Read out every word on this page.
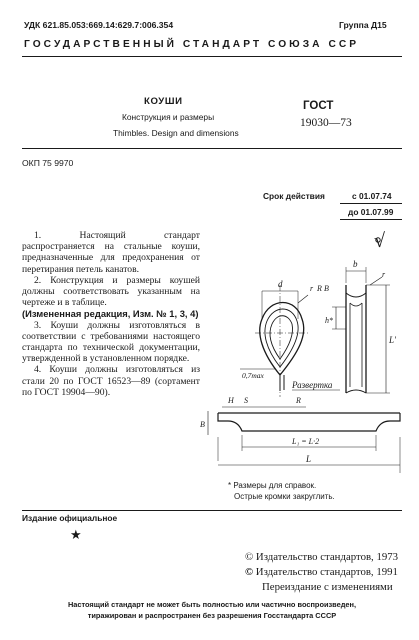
УДК 621.85.053:669.14:629.7:006.354	Группа Д15
ГОСУДАРСТВЕННЫЙ СТАНДАРТ СОЮЗА ССР
КОУШИ
Конструкция и размеры
Thimbles. Design and dimensions
ГОСТ
19030—73
ОКП 75 9970
Срок действия	с 01.07.74
до 01.07.99

1. Настоящий стандарт распространяется на стальные коуши, предназначенные для предохранения от перетирания петель канатов.

2. Конструкция и размеры коушей должны соответствовать указанным на чертеже и в таблице.

(Измененная редакция, Изм. № 1, 3, 4)

3. Коуши должны изготовляться в соответствии с требованиями настоящего стандарта по технической документации, утвержденной в установленном порядке.

4. Коуши должны изготовляться из стали 20 по ГОСТ 16523—89 (сортамент по ГОСТ 19904—90).

√
d	r R B
0,7max
b
r
h*
L'
Развертка
R
H S
B
L₁ = L·2
L
* Размеры для справок.
Острые кромки закруглить.
Издание официальное
★
© Издательство стандартов, 1973
© Издательство стандартов, 1991
Переиздание с изменениями
Настоящий стандарт не может быть полностью или частично воспроизведен,
тиражирован и распространен без разрешения Госстандарта СССР
